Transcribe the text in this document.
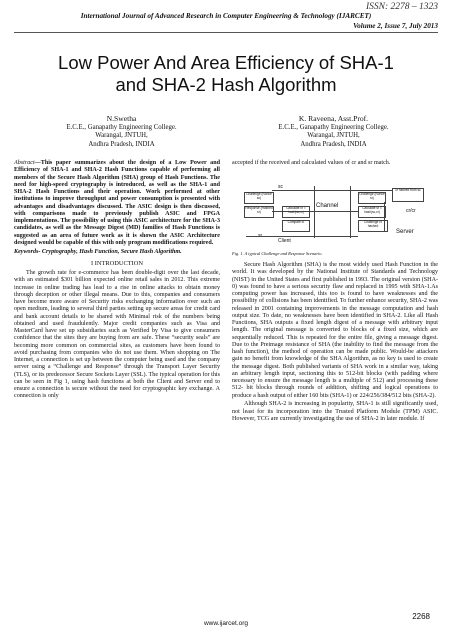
ISSN: 2278 – 1323
International Journal of Advanced Research in Computer Engineering & Technology (IJARCET)
Volume 2, Issue 7, July 2013
Low Power And Area Efficiency of SHA-1
and SHA-2 Hash Algorithm
N.Swetha
E.C.E., Ganapathy Engineering College.
Warangal, JNTUH,
Andhra Pradesh, INDIA
K. Raveena, Asst.Prof.
E.C.E., Ganapathy Engineering College.
Warangal, JNTUH,
Andhra Pradesh, INDIA

Abstract—This paper summarizes about the design of a Low Power and Efficiency of SHA-1 and SHA-2 Hash Functions capable of performing all members of the Secure Hash Algorithm (SHA) group of Hash Functions. The need for high-speed cryptography is introduced, as well as the SHA-1 and SHA-2 Hash Functions and their operation. Work performed at other institutions to improve throughput and power consumption is presented with advantages and disadvantages discussed. The ASIC design is then discussed, with comparisons made to previously publish ASIC and FPGA implementations. The possibility of using this ASIC architecture for the SHA-3 candidates, as well as the Message Digest (MD) families of Hash Functions is suggested as an area of future work as it is shown the ASIC Architecture designed would be capable of this with only program modifications required.

Keywords- Cryptography, Hash Function, Secure Hash Algorithm.

I INTRODUCTION

The growth rate for e-commerce has been double-digit over the last decade, with an estimated $301 billion expected online retail sales in 2012. This extreme increase in online trading has lead to a rise in online attacks to obtain money through deception or other illegal means. Due to this, companies and consumers have become more aware of Security risks exchanging information over such an open medium, leading to several third parties setting up secure areas for credit card and bank account details to be shared with Minimal risk of the numbers being obtained and used fraudulently. Major credit companies such as Visa and MasterCard have set up subsidiaries such as Verified by Visa to give consumers confidence that the sites they are buying from are safe. These “security seals” are becoming more common on commercial sites, as customers have been found to avoid purchasing from companies who do not use them. When shopping on The Internet, a connection is set up between the computer being used and the company server using a “Challenge and Response” through the Transport Layer Security (TLS), or its predecessor Secure Sockets Layer (SSL). The typical operation for this can be seen in Fig 1, using hash functions at both the Client and Server end to ensure a connection is secure without the need for cryptographic key exchange. A connection is only

accepted if the received and calculated values of cr and sr match.

sc
Channel
cr/cr
Client
Server
Challenge (Nonce sc)
Response (Hashed sr)
Calculate cr =
Compare cr
Challenge (Nonce sr)
cr hashed from sc
Calculate sr = hash(sc,cr)
Challenge cr hashed
Fig. 1. A typical Challenge and Response Scenario.

Secure Hash Algorithm (SHA) is the most widely used Hash Function in the world. It was developed by the National Institute of Standards and Technology (NIST) in the United States and first published in 1993. The original version (SHA- 0) was found to have a serious security flaw and replaced in 1995 with SHA-1.As computing power has increased, this too is found to have weaknesses and the possibility of collisions has been identified. To further enhance security, SHA-2 was released in 2001 containing improvements in the message computation and hash output size. To date, no weaknesses have been identified in SHA-2. Like all Hash Functions, SHA outputs a fixed length digest of a message with arbitrary input length. The original message is converted to blocks of a fixed size, which are sequentially reduced. This is repeated for the entire file, giving a message digest. Due to the Preimage resistance of SHA (the inability to find the message from the hash function), the method of operation can be made public. Would-be attackers gain no benefit from knowledge of the SHA Algorithm, as no key is used to create the message digest. Both published variants of SHA work in a similar way, taking an arbitrary length input, sectioning this to 512-bit blocks (with padding where necessary to ensure the message length is a multiple of 512) and processing these 512- bit blocks through rounds of addition, shifting and logical operations to produce a hash output of either 160 bits (SHA-1) or 224/256/384/512 bits (SHA-2).

Although SHA-2 is increasing in popularity, SHA-1 is still significantly used, not least for its incorporation into the Trusted Platform Module (TPM) ASIC. However, TCG are currently investigating the use of SHA-2 in later module. If

2268
www.ijarcet.org
